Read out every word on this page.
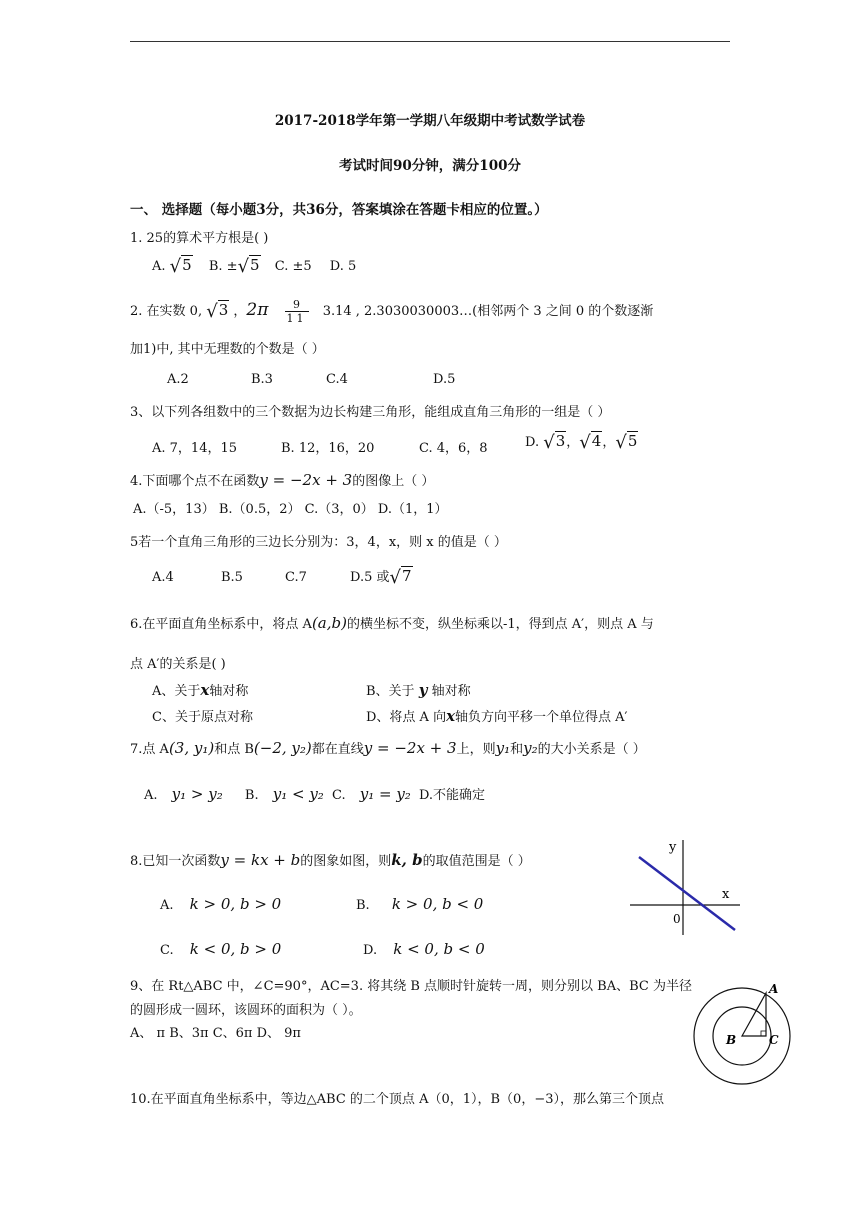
2017-2018学年第一学期八年级期中考试数学试卷
考试时间90分钟，满分100分
一、 选择题（每小题3分，共36分，答案填涂在答题卡相应的位置。）
1. 25的算术平方根是( )
A. √5 B. ±√5 C. ±5 D. 5
2. 在实数 0, √3 ，$2\pi \frac{9}{11} 3.14$ , 2.3030030003…(相邻两个 3 之间 0 的个数逐渐
加1)中, 其中无理数的个数是（ ）
A.2	B.3	C.4	D.5
3、以下列各组数中的三个数据为边长构建三角形，能组成直角三角形的一组是（ ）
A. 7，14，15	B. 12，16，20	C. 4，6，8	D. √3，√4，√5
4.下面哪个点不在函数y = −2x + 3的图像上（ ）
A.（-5，13） B.（0.5，2） C.（3，0） D.（1，1）
5若一个直角三角形的三边长分别为：3，4，x，则 x 的值是（ ）
A.4	B.5	C.7	D.5 或√7
6.在平面直角坐标系中，将点 A(a,b)的横坐标不变，纵坐标乘以-1，得到点 A′，则点 A 与
点 A′的关系是( )
A、关于x轴对称	B、关于 y 轴对称
C、关于原点对称	D、将点 A 向x轴负方向平移一个单位得点 A′
7.点 A(3, y₁)和点 B(−2, y₂)都在直线y = −2x + 3上，则y₁和y₂的大小关系是（ ）
A. y₁ > y₂ B. y₁ < y₂ C. y₁ = y₂ D.不能确定
8.已知一次函数y = kx + b的图象如图，则k, b的取值范围是（ ）
A. k > 0, b > 0	B. k > 0, b < 0
C. k < 0, b > 0	D. k < 0, b < 0
y
x
0
9、在 Rt△ABC 中，∠C=90°，AC=3. 将其绕 B 点顺时针旋转一周，则分别以 BA、BC 为半径
的圆形成一圆环，该圆环的面积为（ ）。
A、 π B、3π C、6π D、 9π
A
B	C
10.在平面直角坐标系中，等边△ABC 的二个顶点 A（0，1），B（0，−3），那么第三个顶点
